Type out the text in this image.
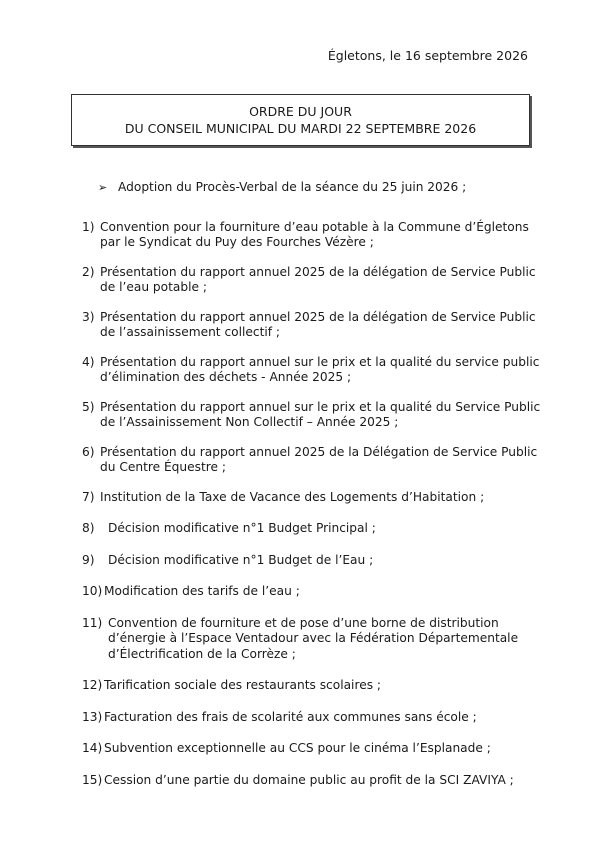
Égletons, le 16 septembre 2026
ORDRE DU JOUR
DU CONSEIL MUNICIPAL DU MARDI 22 SEPTEMBRE 2026
➢ Adoption du Procès-Verbal de la séance du 25 juin 2026 ;
1) Convention pour la fourniture d’eau potable à la Commune d’Égletons par le Syndicat du Puy des Fourches Vézère ;
2) Présentation du rapport annuel 2025 de la délégation de Service Public de l’eau potable ;
3) Présentation du rapport annuel 2025 de la délégation de Service Public de l’assainissement collectif ;
4) Présentation du rapport annuel sur le prix et la qualité du service public d’élimination des déchets - Année 2025 ;
5) Présentation du rapport annuel sur le prix et la qualité du Service Public de l’Assainissement Non Collectif – Année 2025 ;
6) Présentation du rapport annuel 2025 de la Délégation de Service Public du Centre Équestre ;
7) Institution de la Taxe de Vacance des Logements d’Habitation ;
8)	Décision modificative n°1 Budget Principal ;
9)	Décision modificative n°1 Budget de l’Eau ;
10) Modification des tarifs de l’eau ;
11) Convention de fourniture et de pose d’une borne de distribution d’énergie à l’Espace Ventadour avec la Fédération Départementale d’Électrification de la Corrèze ;
12) Tarification sociale des restaurants scolaires ;
13) Facturation des frais de scolarité aux communes sans école ;
14) Subvention exceptionnelle au CCS pour le cinéma l’Esplanade ;
15) Cession d’une partie du domaine public au profit de la SCI ZAVIYA ;
